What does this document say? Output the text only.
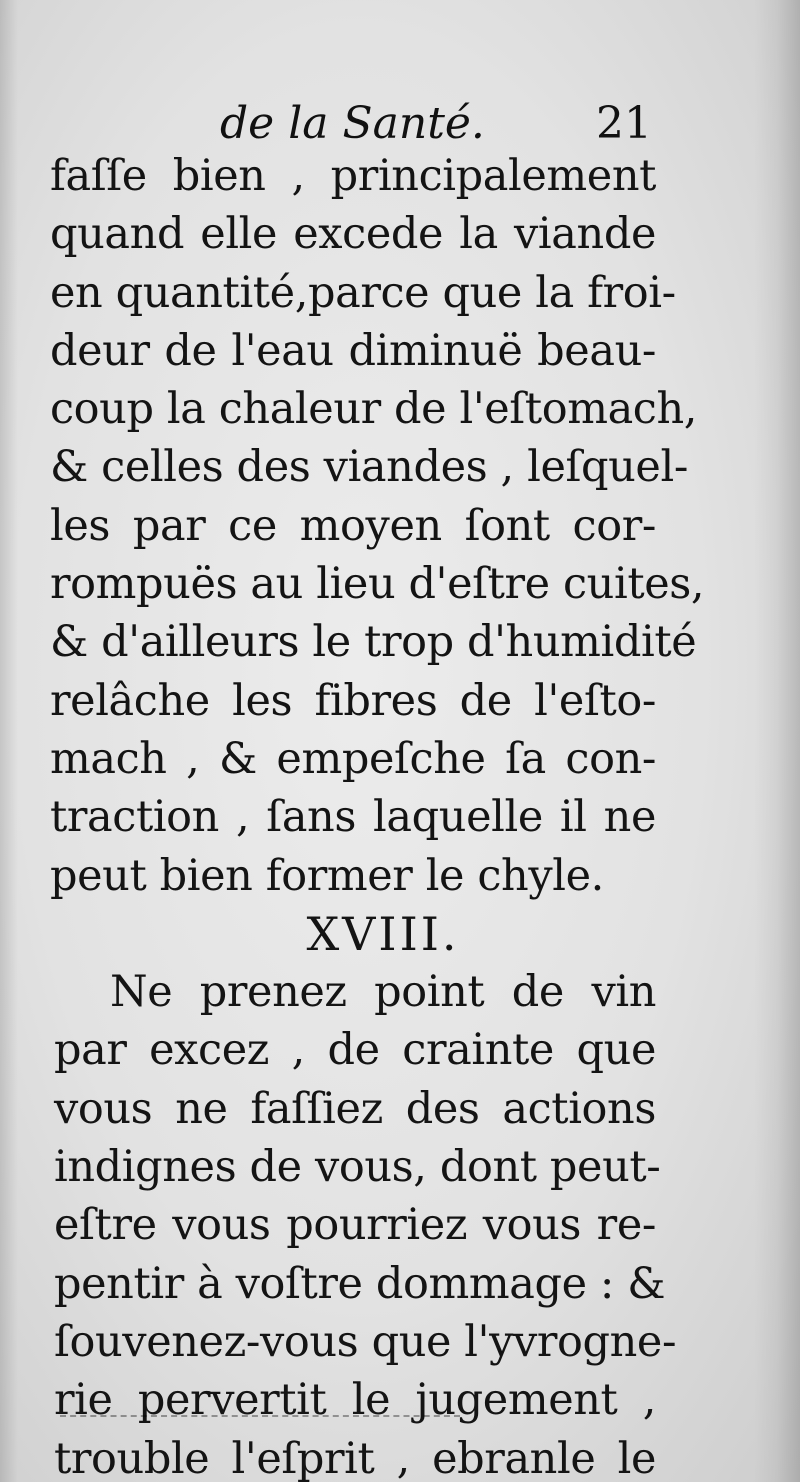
de la Santé.	21
faſſe bien , principalement
quand elle excede la viande
en quantité,parce que la froi-
deur de l'eau diminuë beau-
coup la chaleur de l'eſtomach,
& celles des viandes , leſquel-
les par ce moyen ſont cor-
rompuës au lieu d'eſtre cuites,
& d'ailleurs le trop d'humidité
relâche les fibres de l'eſto-
mach , & empeſche ſa con-
traction , ſans laquelle il ne
peut bien former le chyle.
XVIII.
Ne prenez point de vin
par excez , de crainte que
vous ne faſſiez des actions
indignes de vous, dont peut-
eſtre vous pourriez vous re-
pentir à voſtre dommage : &
ſouvenez-vous que l'yvrogne-
rie pervertit le jugement ,
trouble l'eſprit , ebranle le
